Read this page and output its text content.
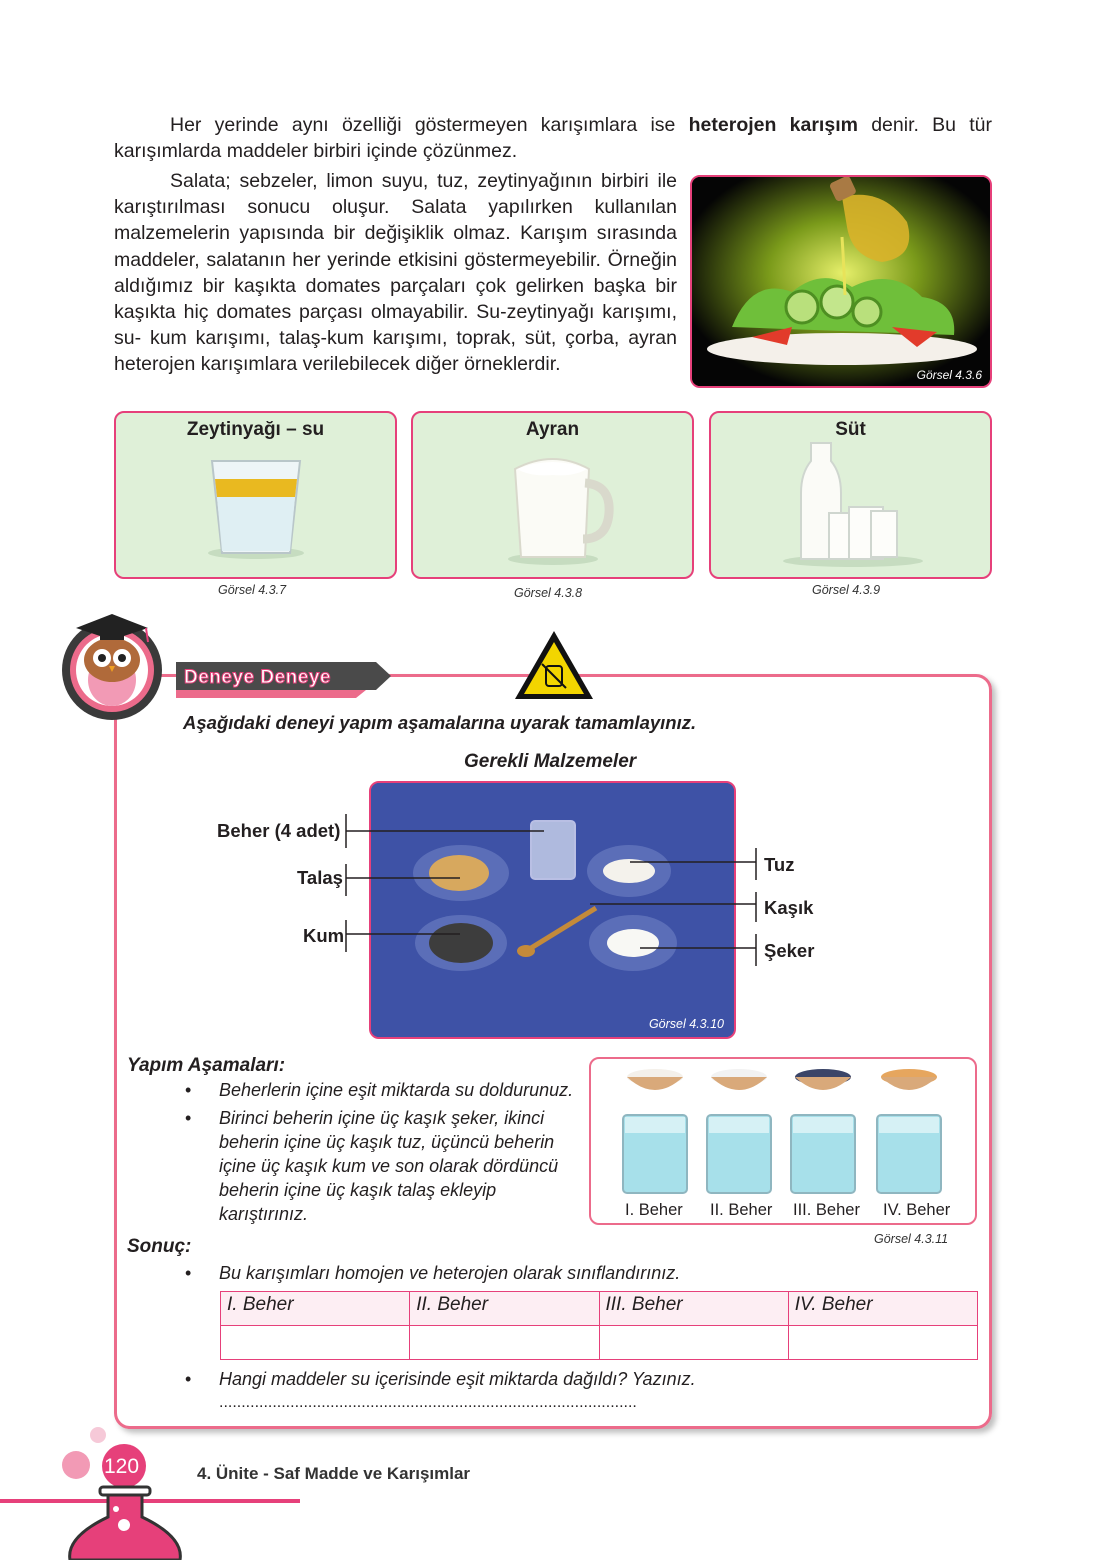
Her yerinde aynı özelliği göstermeyen karışımlara ise heterojen karışım denir. Bu tür karışımlarda maddeler birbiri içinde çözünmez.

Salata; sebzeler, limon suyu, tuz, zeytinyağının birbiri ile karıştırılması sonucu oluşur. Salata yapılırken kullanılan malzemelerin yapısında bir değişiklik olmaz. Karışım sırasında maddeler, salatanın her yerinde etkisini göstermeyebilir. Örneğin aldığımız bir kaşıkta domates parçaları çok gelirken başka bir kaşıkta hiç domates parçası olmayabilir. Su-zeytinyağı karışımı, su- kum karışımı, talaş-kum karışımı, toprak, süt, çorba, ayran heterojen karışımlara verilebilecek diğer örneklerdir.	Görsel 4.3.6
Zeytinyağı – su	Ayran	Süt
Görsel 4.3.7	Görsel 4.3.8	Görsel 4.3.9
Deneye Deneye
Aşağıdaki deneyi yapım aşamalarına uyarak tamamlayınız.
Gerekli Malzemeler
Görsel 4.3.10
Beher (4 adet)
Talaş
Kum
Tuz
Kaşık
Şeker
Yapım Aşamaları:
• Beherlerin içine eşit miktarda su doldurunuz.
• Birinci beherin içine üç kaşık şeker, ikinci beherin içine üç kaşık tuz, üçüncü beherin içine üç kaşık kum ve son olarak dördüncü beherin içine üç kaşık talaş ekleyip karıştırınız.	I. Beher II. Beher III. Beher IV. Beher
Görsel 4.3.11
Sonuç:
• Bu karışımları homojen ve heterojen olarak sınıflandırınız.
I. Beher	II. Beher	III. Beher	IV. Beher

• Hangi maddeler su içerisinde eşit miktarda dağıldı? Yazınız.
..............................................................................................
120	4. Ünite - Saf Madde ve Karışımlar
